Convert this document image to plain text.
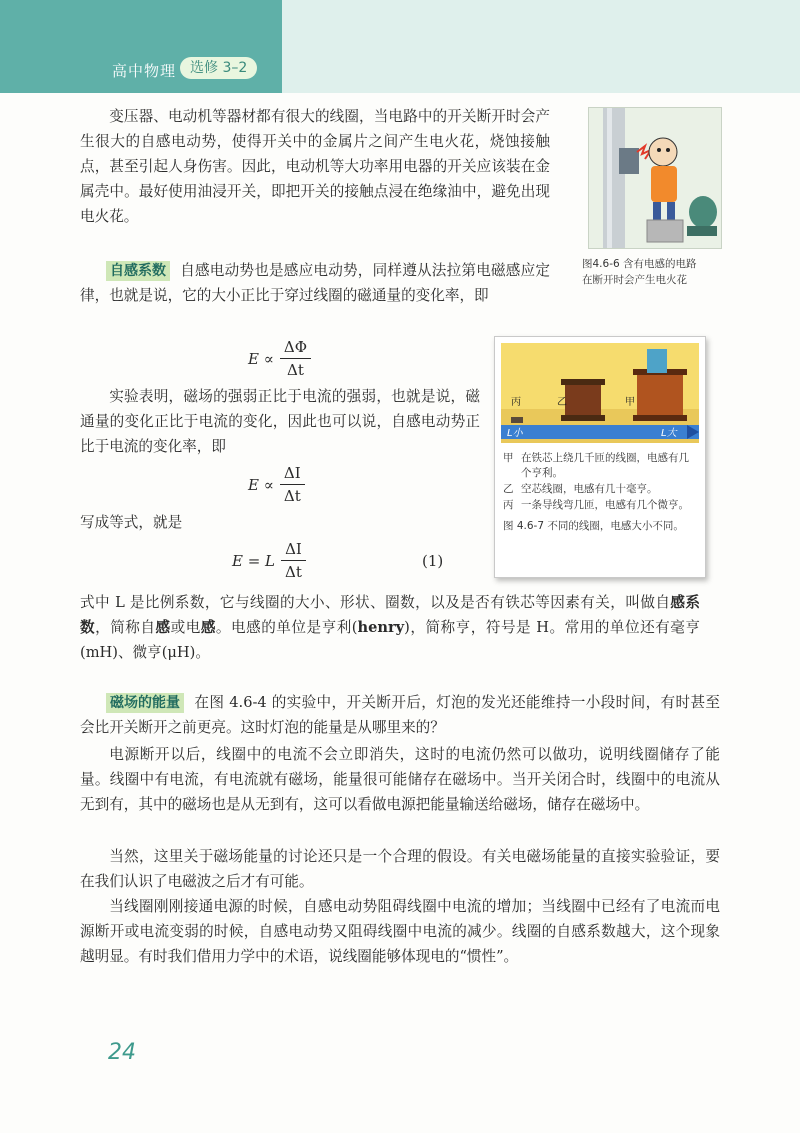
高中物理 选修 3–2

变压器、电动机等器材都有很大的线圈，当电路中的开关断开时会产生很大的自感电动势，使得开关中的金属片之间产生电火花，烧蚀接触点，甚至引起人身伤害。因此，电动机等大功率用电器的开关应该装在金属壳中。最好使用油浸开关，即把开关的接触点浸在绝缘油中，避免出现电火花。

图4.6-6 含有电感的电路
在断开时会产生电火花

自感系数 自感电动势也是感应电动势，同样遵从法拉第电磁感应定律，也就是说，它的大小正比于穿过线圈的磁通量的变化率，即

$E \propto \frac{\Delta\Phi}{\Delta t}$

实验表明，磁场的强弱正比于电流的强弱，也就是说，磁通量的变化正比于电流的变化，因此也可以说，自感电动势正比于电流的变化率，即

$E \propto \frac{\Delta I}{\Delta t}$

写成等式，就是

E = L $\frac{\Delta I}{\Delta t}$	(1)
丙	乙	甲
L小	L大
甲 在铁芯上绕几千匝的线圈，电感有几个亨利。
乙 空芯线圈，电感有几十毫亨。
丙 一条导线弯几匝，电感有几个微亨。
图 4.6-7 不同的线圈，电感大小不同。

式中 L 是比例系数，它与线圈的大小、形状、圈数，以及是否有铁芯等因素有关，叫做自感系数，简称自感或电感。电感的单位是亨利(henry)，简称亨，符号是 H。常用的单位还有毫亨(mH)、微亨(μH)。

磁场的能量 在图 4.6-4 的实验中，开关断开后，灯泡的发光还能维持一小段时间，有时甚至会比开关断开之前更亮。这时灯泡的能量是从哪里来的？

电源断开以后，线圈中的电流不会立即消失，这时的电流仍然可以做功，说明线圈储存了能量。线圈中有电流，有电流就有磁场，能量很可能储存在磁场中。当开关闭合时，线圈中的电流从无到有，其中的磁场也是从无到有，这可以看做电源把能量输送给磁场，储存在磁场中。

当然，这里关于磁场能量的讨论还只是一个合理的假设。有关电磁场能量的直接实验验证，要在我们认识了电磁波之后才有可能。

当线圈刚刚接通电源的时候，自感电动势阻碍线圈中电流的增加；当线圈中已经有了电流而电源断开或电流变弱的时候，自感电动势又阻碍线圈中电流的减少。线圈的自感系数越大，这个现象越明显。有时我们借用力学中的术语，说线圈能够体现电的“惯性”。

24
